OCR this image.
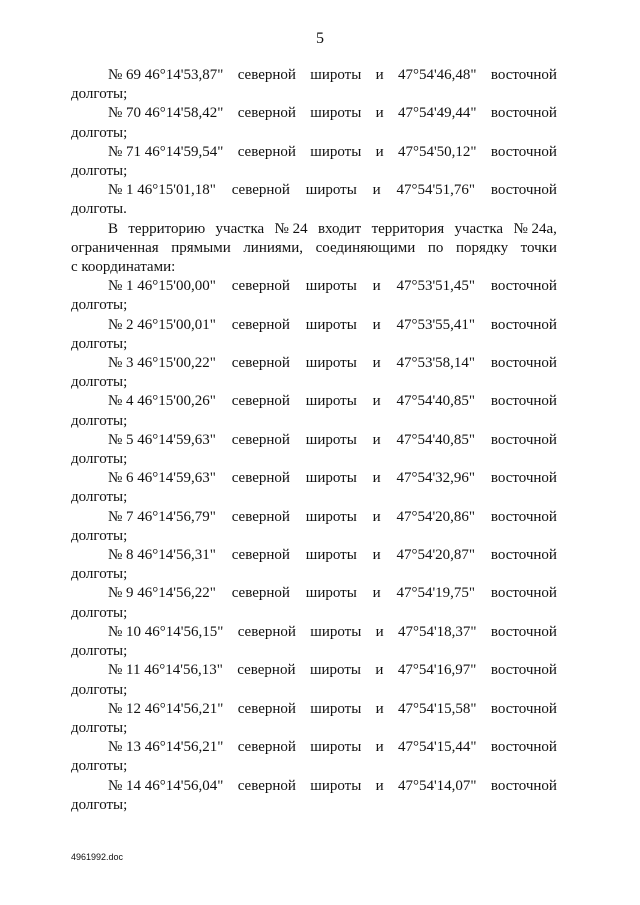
5
№ 69 46°14'53,87" северной широты и 47°54'46,48" восточной
долготы;
№ 70 46°14'58,42" северной широты и 47°54'49,44" восточной
долготы;
№ 71 46°14'59,54" северной широты и 47°54'50,12" восточной
долготы;
№ 1 46°15'01,18" северной широты и 47°54'51,76" восточной
долготы.
В территорию участка № 24 входит территория участка № 24а,
ограниченная прямыми линиями, соединяющими по порядку точки
с координатами:
№ 1 46°15'00,00" северной широты и 47°53'51,45" восточной
долготы;
№ 2 46°15'00,01" северной широты и 47°53'55,41" восточной
долготы;
№ 3 46°15'00,22" северной широты и 47°53'58,14" восточной
долготы;
№ 4 46°15'00,26" северной широты и 47°54'40,85" восточной
долготы;
№ 5 46°14'59,63" северной широты и 47°54'40,85" восточной
долготы;
№ 6 46°14'59,63" северной широты и 47°54'32,96" восточной
долготы;
№ 7 46°14'56,79" северной широты и 47°54'20,86" восточной
долготы;
№ 8 46°14'56,31" северной широты и 47°54'20,87" восточной
долготы;
№ 9 46°14'56,22" северной широты и 47°54'19,75" восточной
долготы;
№ 10 46°14'56,15" северной широты и 47°54'18,37" восточной
долготы;
№ 11 46°14'56,13" северной широты и 47°54'16,97" восточной
долготы;
№ 12 46°14'56,21" северной широты и 47°54'15,58" восточной
долготы;
№ 13 46°14'56,21" северной широты и 47°54'15,44" восточной
долготы;
№ 14 46°14'56,04" северной широты и 47°54'14,07" восточной
долготы;
4961992.doc
